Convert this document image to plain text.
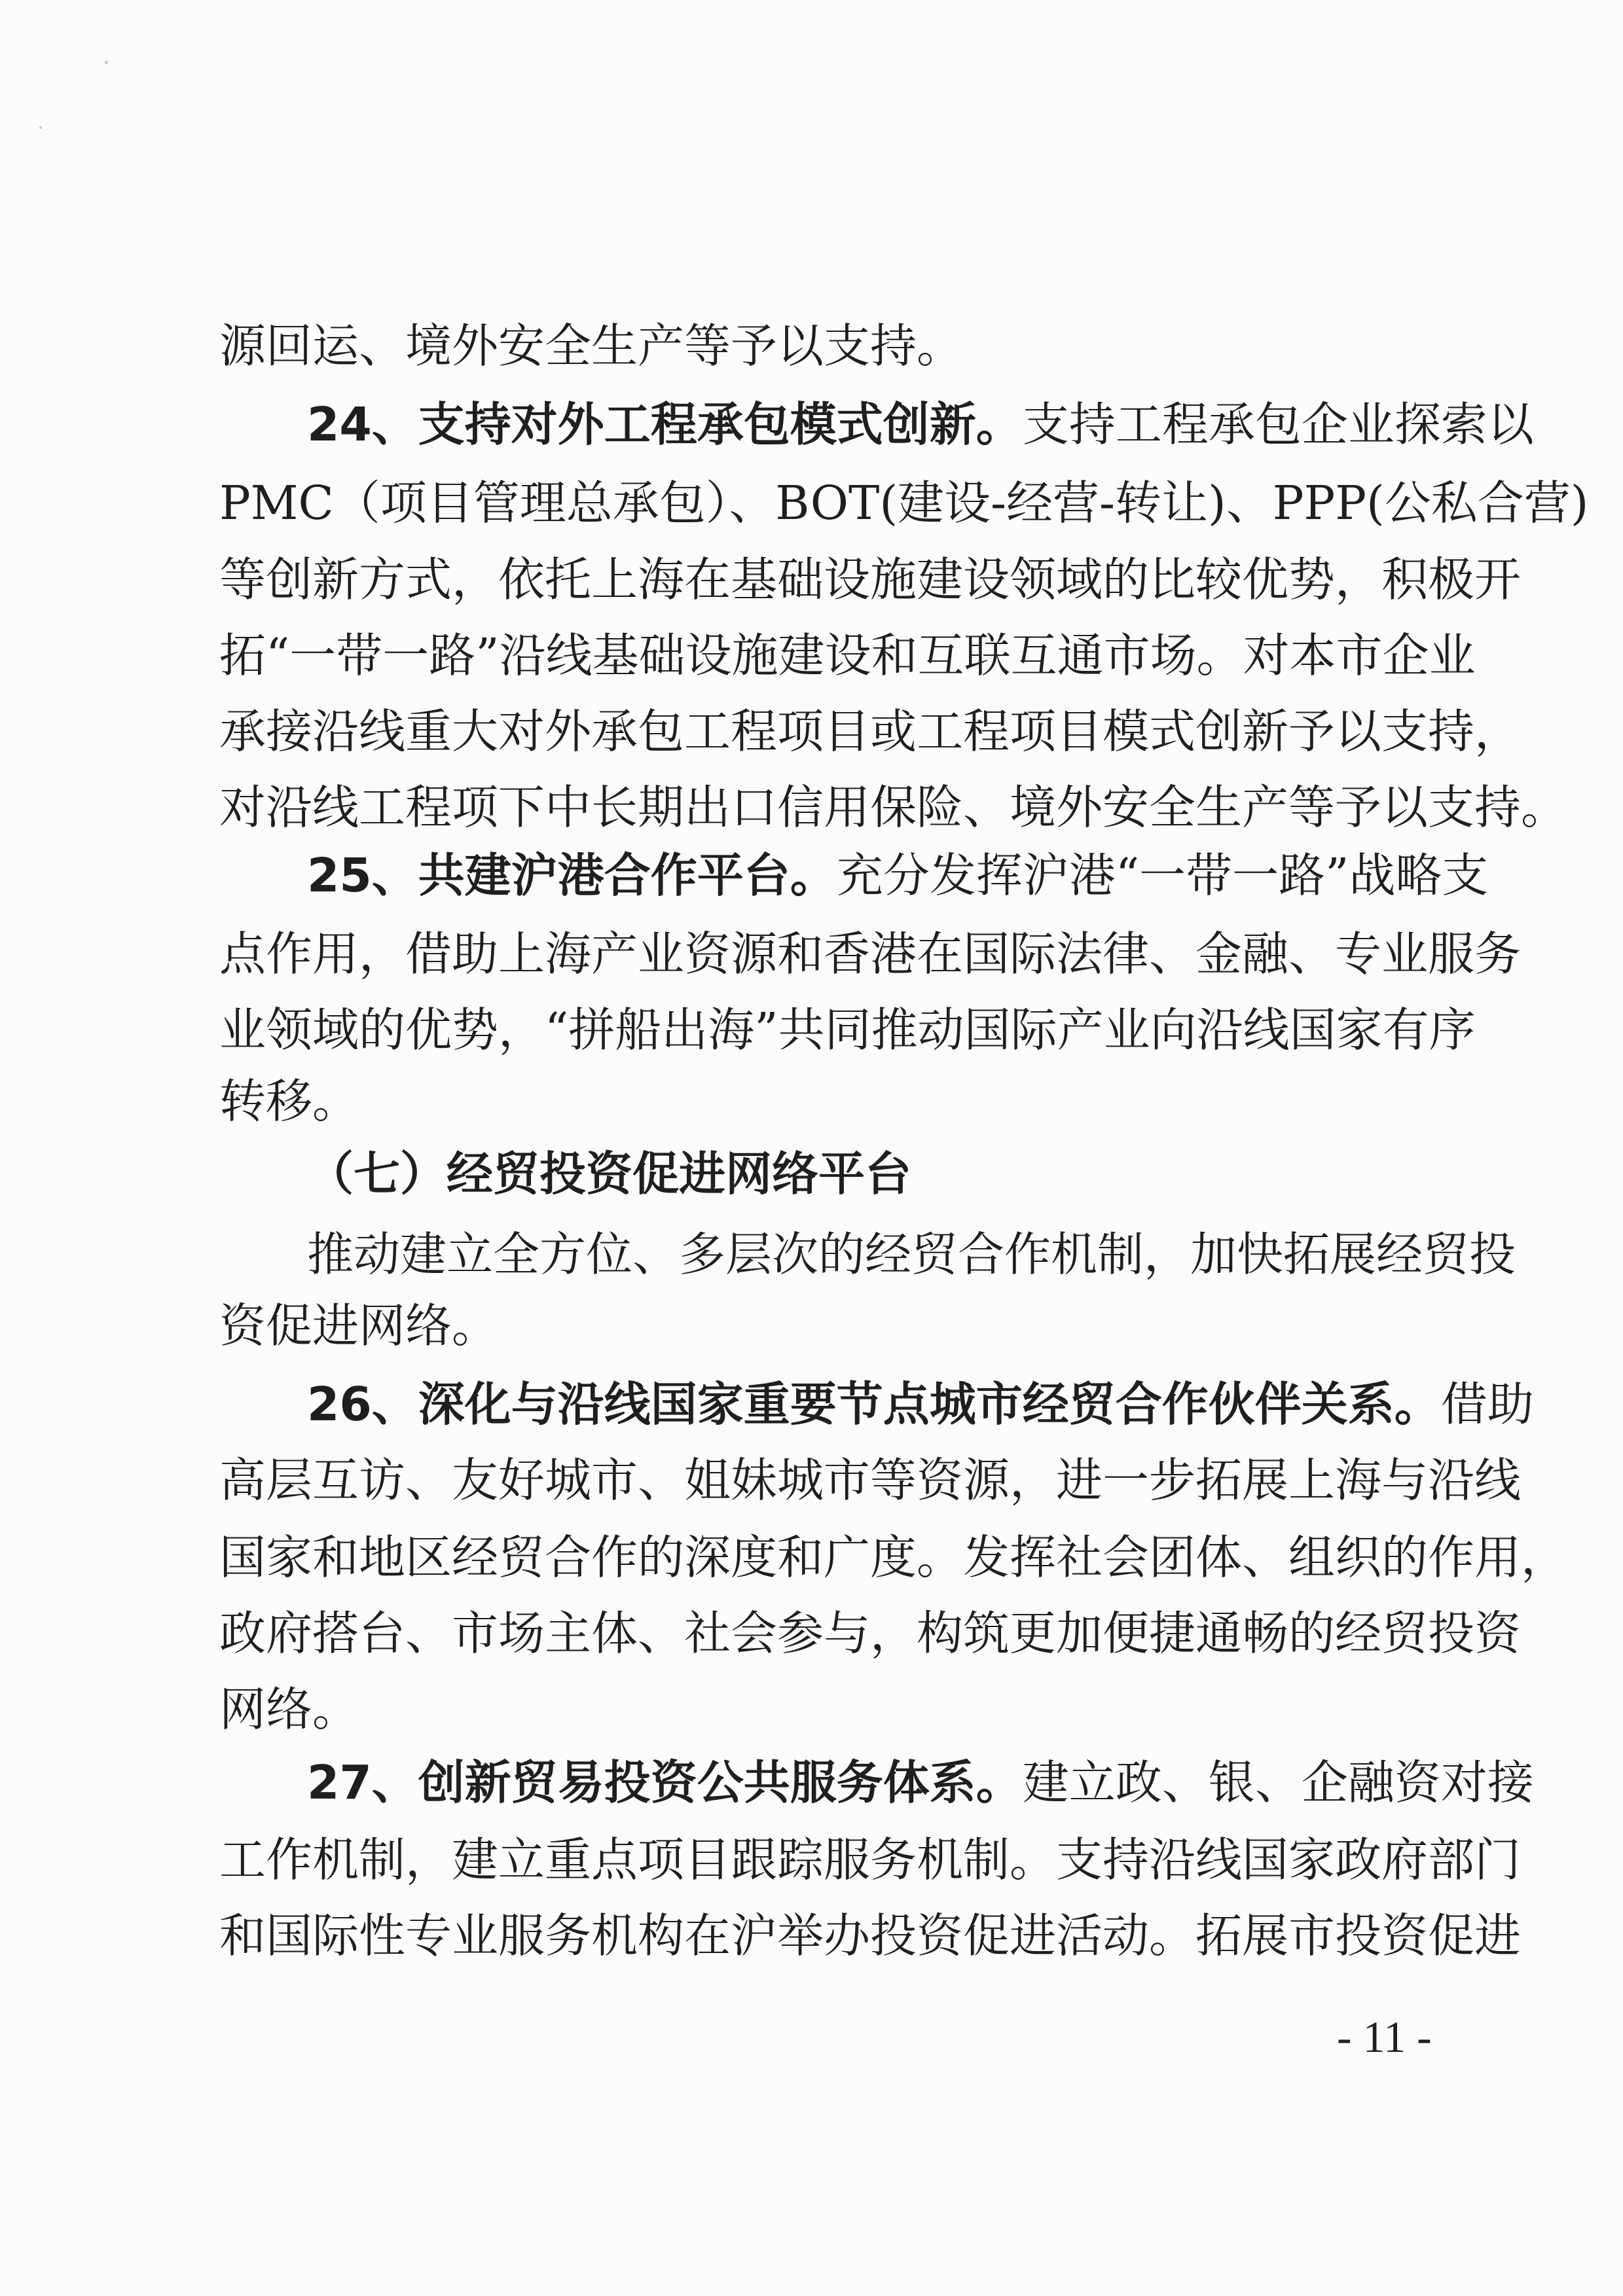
源回运、境外安全生产等予以支持。
24、支持对外工程承包模式创新。支持工程承包企业探索以
PMC（项目管理总承包）、BOT(建设-经营-转让)、PPP(公私合营)
等创新方式，依托上海在基础设施建设领域的比较优势，积极开
拓“一带一路”沿线基础设施建设和互联互通市场。对本市企业
承接沿线重大对外承包工程项目或工程项目模式创新予以支持，
对沿线工程项下中长期出口信用保险、境外安全生产等予以支持。
25、共建沪港合作平台。充分发挥沪港“一带一路”战略支
点作用，借助上海产业资源和香港在国际法律、金融、专业服务
业领域的优势，“拼船出海”共同推动国际产业向沿线国家有序
转移。
（七）经贸投资促进网络平台
推动建立全方位、多层次的经贸合作机制，加快拓展经贸投
资促进网络。
26、深化与沿线国家重要节点城市经贸合作伙伴关系。借助
高层互访、友好城市、姐妹城市等资源，进一步拓展上海与沿线
国家和地区经贸合作的深度和广度。发挥社会团体、组织的作用，
政府搭台、市场主体、社会参与，构筑更加便捷通畅的经贸投资
网络。
27、创新贸易投资公共服务体系。建立政、银、企融资对接
工作机制，建立重点项目跟踪服务机制。支持沿线国家政府部门
和国际性专业服务机构在沪举办投资促进活动。拓展市投资促进
- 11 -
